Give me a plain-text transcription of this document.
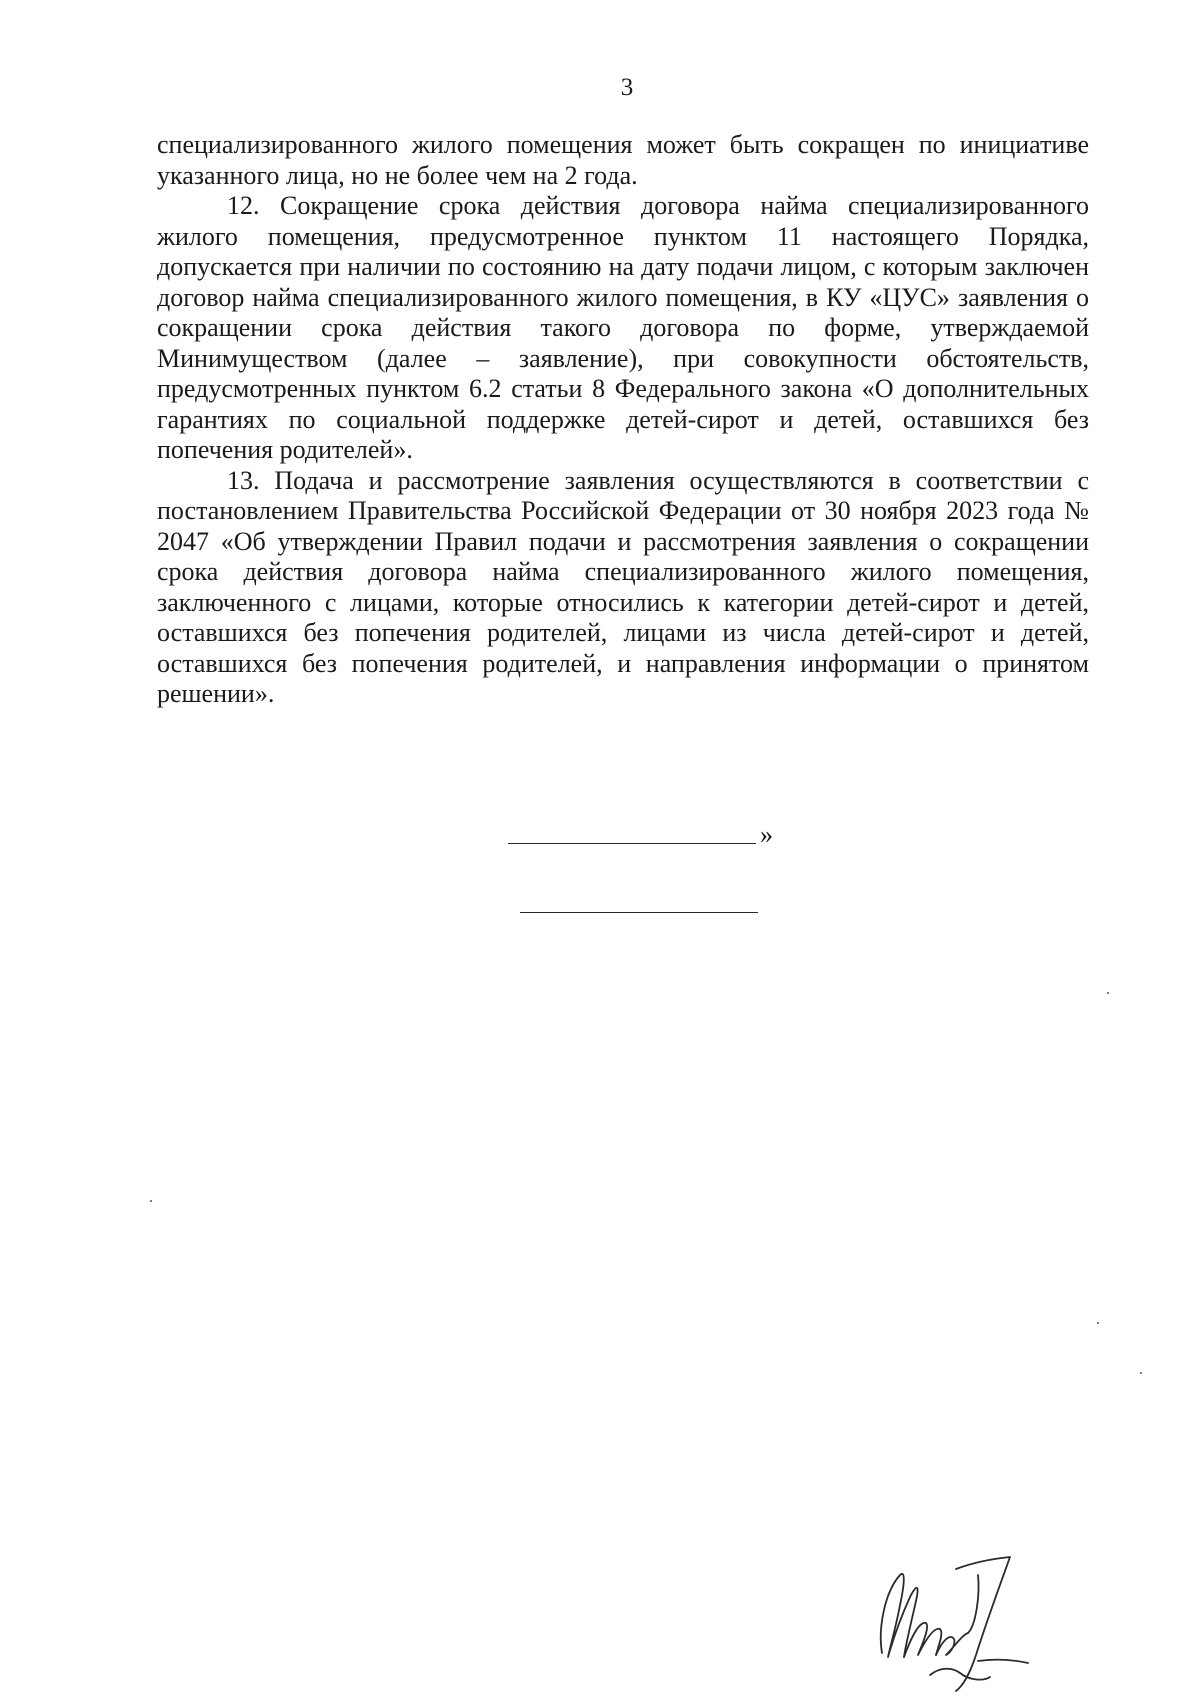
3

специализированного жилого помещения может быть сокращен по инициативе указанного лица, но не более чем на 2 года.

12. Сокращение срока действия договора найма специализированного жилого помещения, предусмотренное пунктом 11 настоящего Порядка, допускается при наличии по состоянию на дату подачи лицом, с которым заключен договор найма специализированного жилого помещения, в КУ «ЦУС» заявления о сокращении срока действия такого договора по форме, утверждаемой Минимуществом (далее – заявление), при совокупности обстоятельств, предусмотренных пунктом 6.2 статьи 8 Федерального закона «О дополнительных гарантиях по социальной поддержке детей-сирот и детей, оставшихся без попечения родителей».

13. Подача и рассмотрение заявления осуществляются в соответствии с постановлением Правительства Российской Федерации от 30 ноября 2023 года № 2047 «Об утверждении Правил подачи и рассмотрения заявления о сокращении срока действия договора найма специализированного жилого помещения, заключенного с лицами, которые относились к категории детей-сирот и детей, оставшихся без попечения родителей, лицами из числа детей-сирот и детей, оставшихся без попечения родителей, и направления информации о принятом решении».

»
